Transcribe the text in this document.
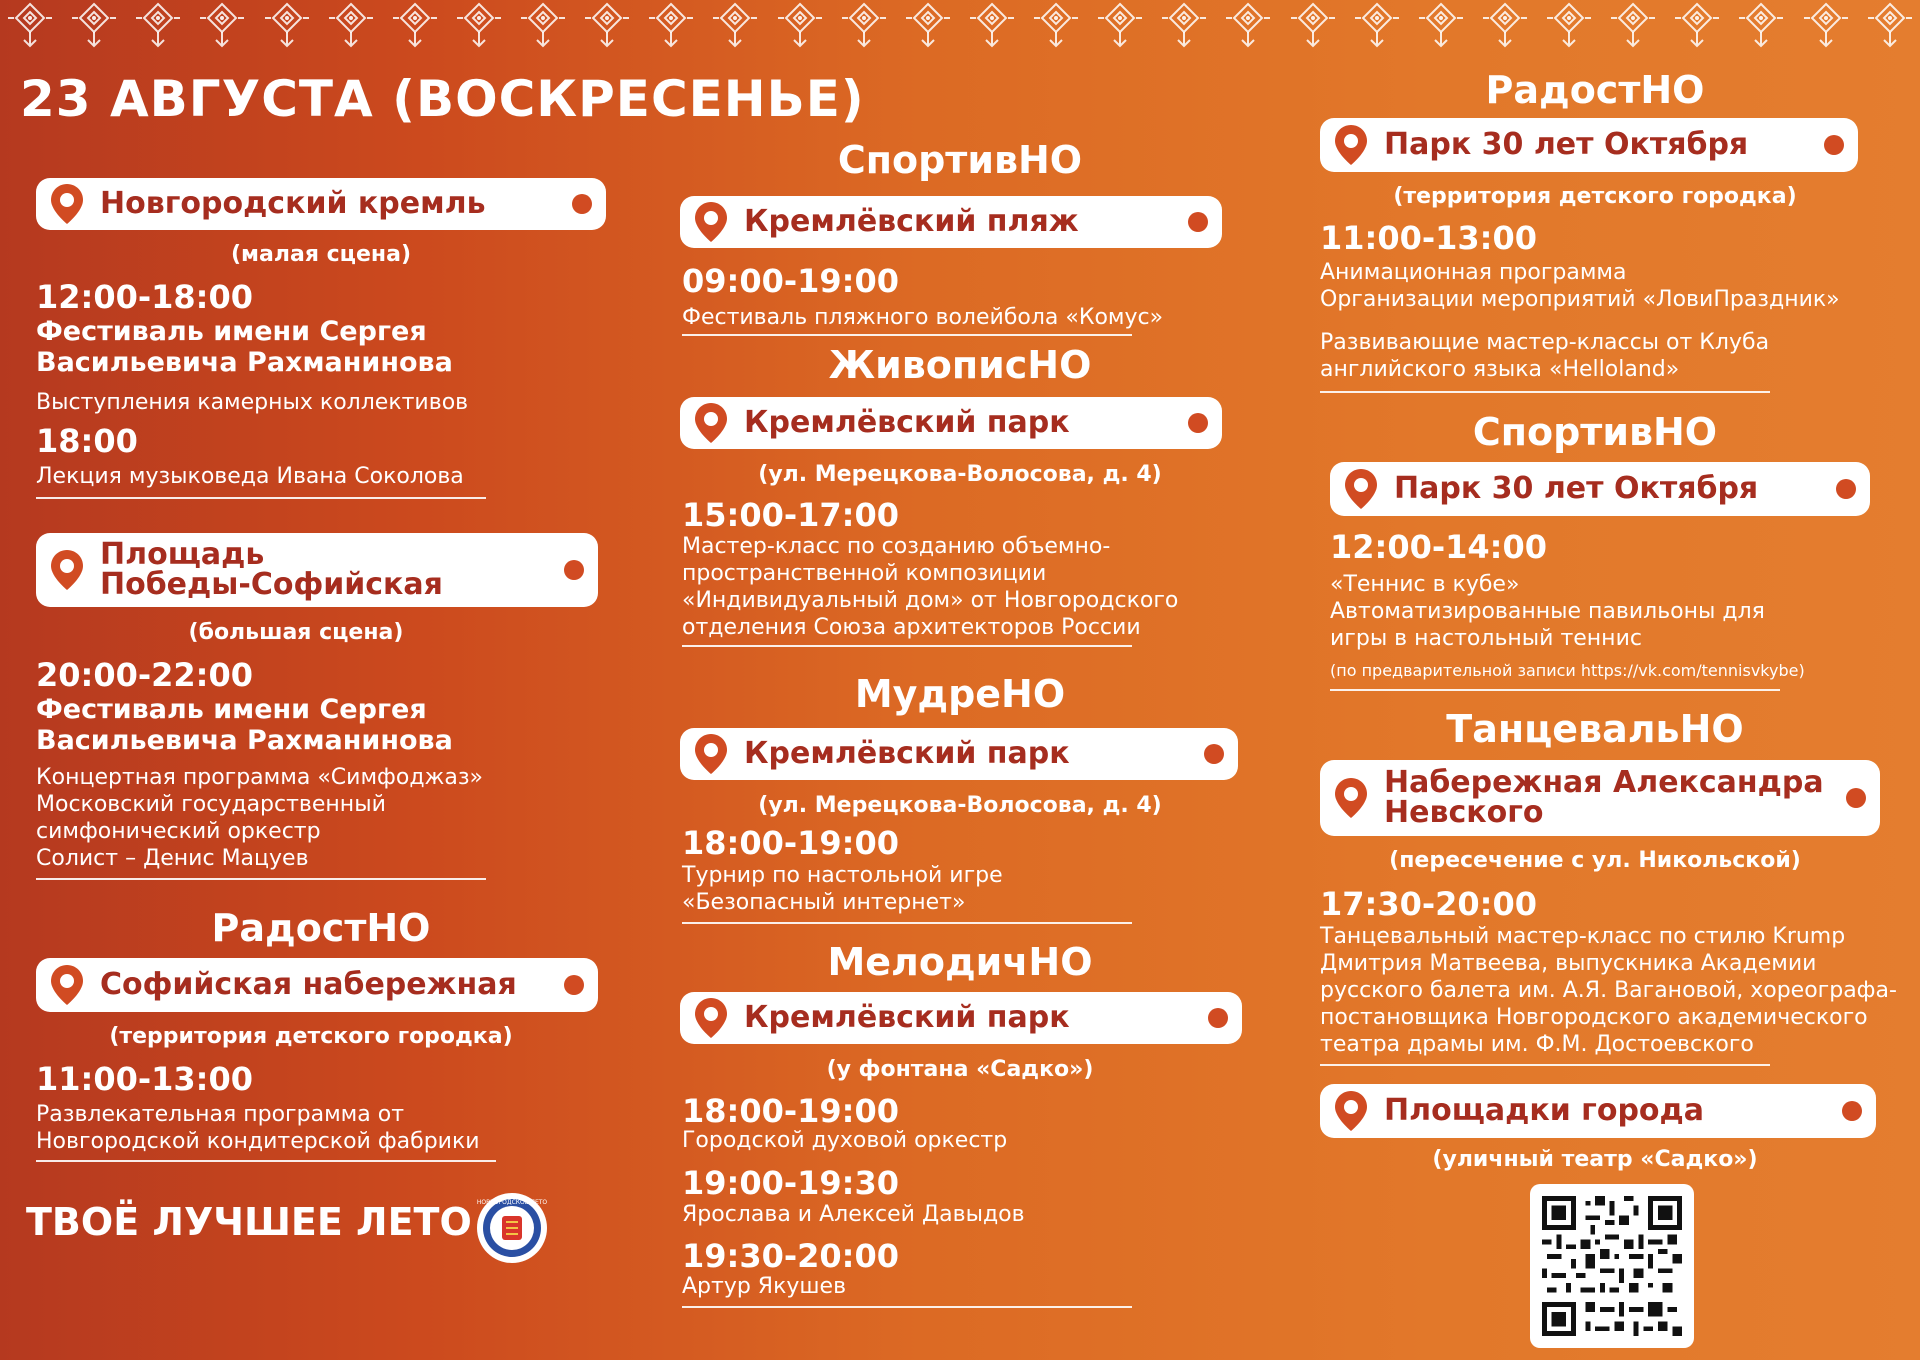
23 АВГУСТА (ВОСКРЕСЕНЬЕ)
Новгородский кремль
(малая сцена)
12:00-18:00
Фестиваль имени Сергея Васильевича Рахманинова
Выступления камерных коллективов
18:00
Лекция музыковеда Ивана Соколова
Площадь
Победы-Софийская
(большая сцена)
20:00-22:00
Фестиваль имени Сергея Васильевича Рахманинова
Концертная программа «Симфоджаз»
Московский государственный
симфонический оркестр
Солист – Денис Мацуев
РадостНО
Софийская набережная
(территория детского городка)
11:00-13:00
Развлекательная программа от
Новгородской кондитерской фабрики
СпортивНО
Кремлёвский пляж
09:00-19:00
Фестиваль пляжного волейбола «Комус»
ЖивописНО
Кремлёвский парк
(ул. Мерецкова-Волосова, д. 4)
15:00-17:00
Мастер-класс по созданию объемно-
пространственной композиции
«Индивидуальный дом» от Новгородского
отделения Союза архитекторов России
МудреНО
Кремлёвский парк
(ул. Мерецкова-Волосова, д. 4)
18:00-19:00
Турнир по настольной игре
«Безопасный интернет»
МелодичНО
Кремлёвский парк
(у фонтана «Садко»)
18:00-19:00
Городской духовой оркестр
19:00-19:30
Ярослава и Алексей Давыдов
19:30-20:00
Артур Якушев
РадостНО
Парк 30 лет Октября
(территория детского городка)
11:00-13:00
Анимационная программа
Организации мероприятий «ЛовиПраздник»
Развивающие мастер-классы от Клуба
английского языка «Helloland»
СпортивНО
Парк 30 лет Октября
12:00-14:00
«Теннис в кубе»
Автоматизированные павильоны для
игры в настольный теннис
(по предварительной записи https://vk.com/tennisvkybe)
ТанцевальНО
Набережная Александра
Невского
(пересечение с ул. Никольской)
17:30-20:00
Танцевальный мастер-класс по стилю Krump
Дмитрия Матвеева, выпускника Академии
русского балета им. А.Я. Вагановой, хореографа-
постановщика Новгородского академического
театра драмы им. Ф.М. Достоевского
Площадки города
(уличный театр «Садко»)
ТВОЁ ЛУЧШЕЕ ЛЕТО НОВГОРОДСКОЕ ЛЕТО
